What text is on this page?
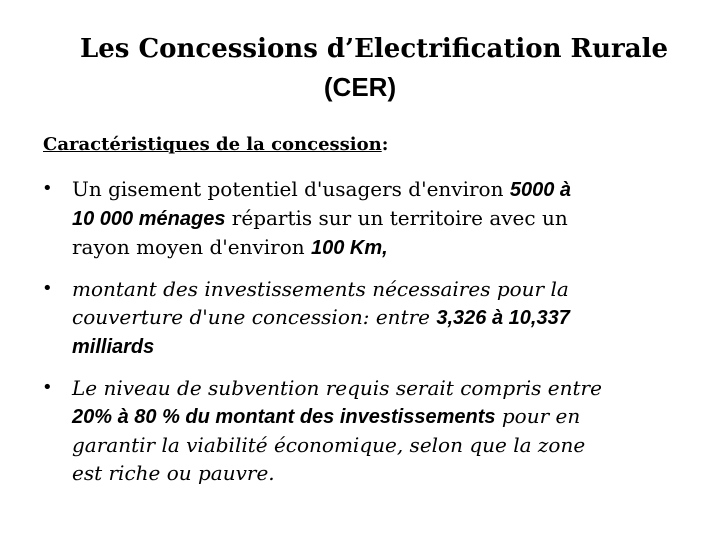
Les Concessions d’Electrification Rurale
(CER)
Caractéristiques de la concession:
• Un gisement potentiel d'usagers d'environ 5000 à
10 000 ménages répartis sur un territoire avec un
rayon moyen d'environ 100 Km,
• montant des investissements nécessaires pour la
couverture d'une concession: entre 3,326 à 10,337
milliards
• Le niveau de subvention requis serait compris entre
20% à 80 % du montant des investissements pour en
garantir la viabilité économique, selon que la zone
est riche ou pauvre.
